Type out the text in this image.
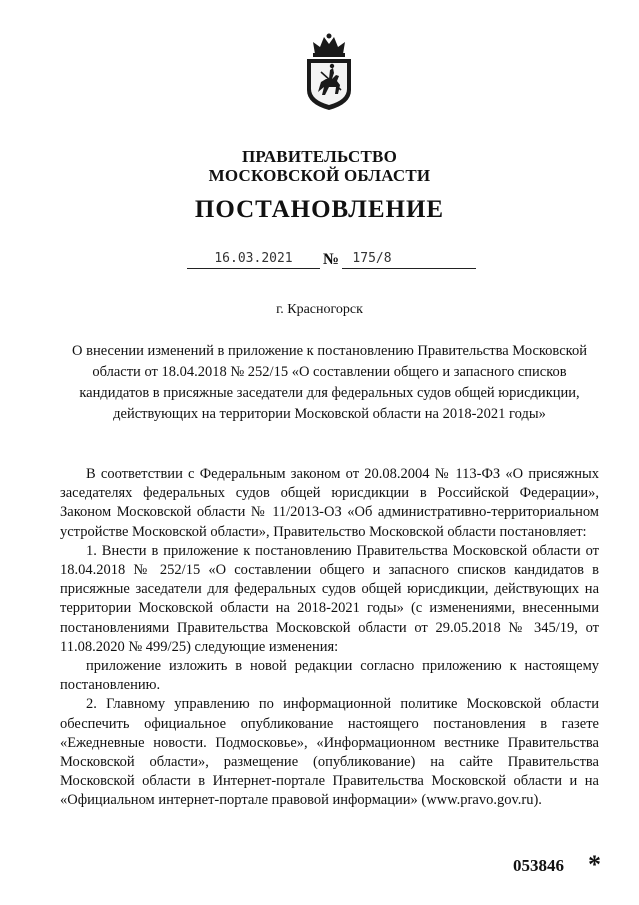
ПРАВИТЕЛЬСТВО
МОСКОВСКОЙ ОБЛАСТИ
ПОСТАНОВЛЕНИЕ
16.03.2021	№	175/8
г. Красногорск
О внесении изменений в приложение к постановлению Правительства Московской области от 18.04.2018 № 252/15 «О составлении общего и запасного списков кандидатов в присяжные заседатели для федеральных судов общей юрисдикции, действующих на территории Московской области на 2018-2021 годы»

В соответствии с Федеральным законом от 20.08.2004 № 113-ФЗ «О присяжных заседателях федеральных судов общей юрисдикции в Российской Федерации», Законом Московской области № 11/2013-ОЗ «Об административно-территориальном устройстве Московской области», Правительство Московской области постановляет:

1. Внести в приложение к постановлению Правительства Московской области от 18.04.2018 № 252/15 «О составлении общего и запасного списков кандидатов в присяжные заседатели для федеральных судов общей юрисдикции, действующих на территории Московской области на 2018-2021 годы» (с изменениями, внесенными постановлениями Правительства Московской области от 29.05.2018 № 345/19, от 11.08.2020 № 499/25) следующие изменения:

приложение изложить в новой редакции согласно приложению к настоящему постановлению.

2. Главному управлению по информационной политике Московской области обеспечить официальное опубликование настоящего постановления в газете «Ежедневные новости. Подмосковье», «Информационном вестнике Правительства Московской области», размещение (опубликование) на сайте Правительства Московской области в Интернет-портале Правительства Московской области и на «Официальном интернет-портале правовой информации» (www.pravo.gov.ru).

053846 *
